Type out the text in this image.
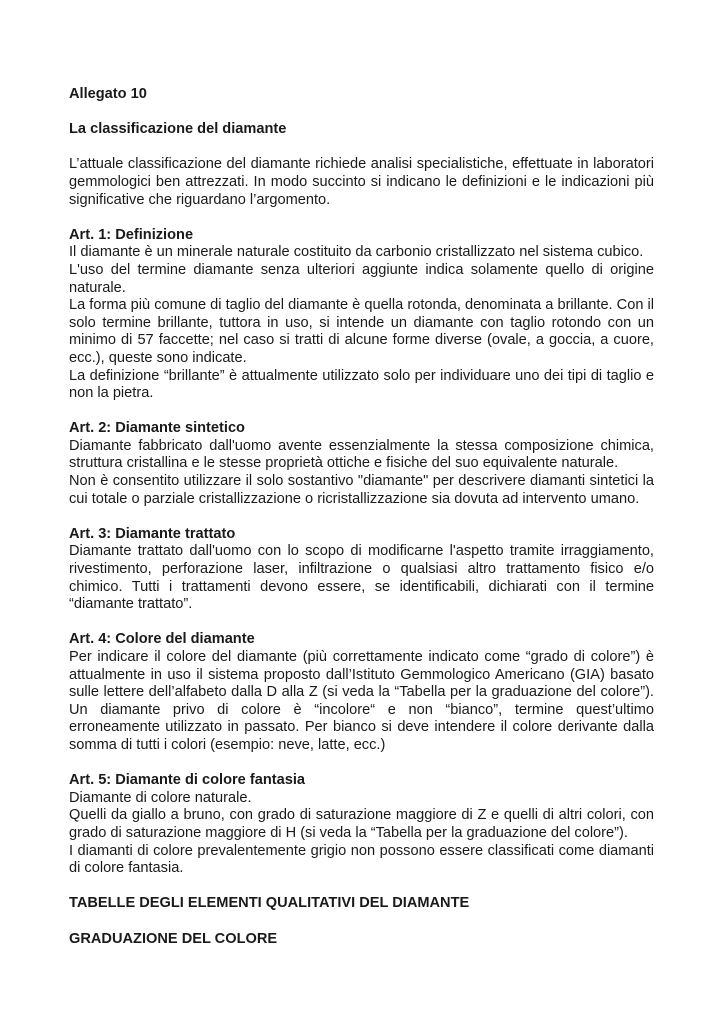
Allegato 10

La classificazione del diamante

L’attuale classificazione del diamante richiede analisi specialistiche, effettuate in laboratori gemmologici ben attrezzati. In modo succinto si indicano le definizioni e le indicazioni più significative che riguardano l’argomento.

Art. 1: Definizione

Il diamante è un minerale naturale costituito da carbonio cristallizzato nel sistema cubico.

L'uso del termine diamante senza ulteriori aggiunte indica solamente quello di origine naturale.

La forma più comune di taglio del diamante è quella rotonda, denominata a brillante. Con il solo termine brillante, tuttora in uso, si intende un diamante con taglio rotondo con un minimo di 57 faccette; nel caso si tratti di alcune forme diverse (ovale, a goccia, a cuore, ecc.), queste sono indicate.

La definizione “brillante” è attualmente utilizzato solo per individuare uno dei tipi di taglio e non la pietra.

Art. 2: Diamante sintetico

Diamante fabbricato dall'uomo avente essenzialmente la stessa composizione chimica, struttura cristallina e le stesse proprietà ottiche e fisiche del suo equivalente naturale.

Non è consentito utilizzare il solo sostantivo "diamante" per descrivere diamanti sintetici la cui totale o parziale cristallizzazione o ricristallizzazione sia dovuta ad intervento umano.

Art. 3: Diamante trattato

Diamante trattato dall'uomo con lo scopo di modificarne l'aspetto tramite irraggiamento, rivestimento, perforazione laser, infiltrazione o qualsiasi altro trattamento fisico e/o chimico. Tutti i trattamenti devono essere, se identificabili, dichiarati con il termine “diamante trattato”.

Art. 4: Colore del diamante

Per indicare il colore del diamante (più correttamente indicato come “grado di colore”) è attualmente in uso il sistema proposto dall’Istituto Gemmologico Americano (GIA) basato sulle lettere dell’alfabeto dalla D alla Z (si veda la “Tabella per la graduazione del colore”). Un diamante privo di colore è “incolore“ e non “bianco”, termine quest’ultimo erroneamente utilizzato in passato. Per bianco si deve intendere il colore derivante dalla somma di tutti i colori (esempio: neve, latte, ecc.)

Art. 5: Diamante di colore fantasia

Diamante di colore naturale.

Quelli da giallo a bruno, con grado di saturazione maggiore di Z e quelli di altri colori, con grado di saturazione maggiore di H (si veda la “Tabella per la graduazione del colore”).

I diamanti di colore prevalentemente grigio non possono essere classificati come diamanti di colore fantasia.

TABELLE DEGLI ELEMENTI QUALITATIVI DEL DIAMANTE

GRADUAZIONE DEL COLORE
